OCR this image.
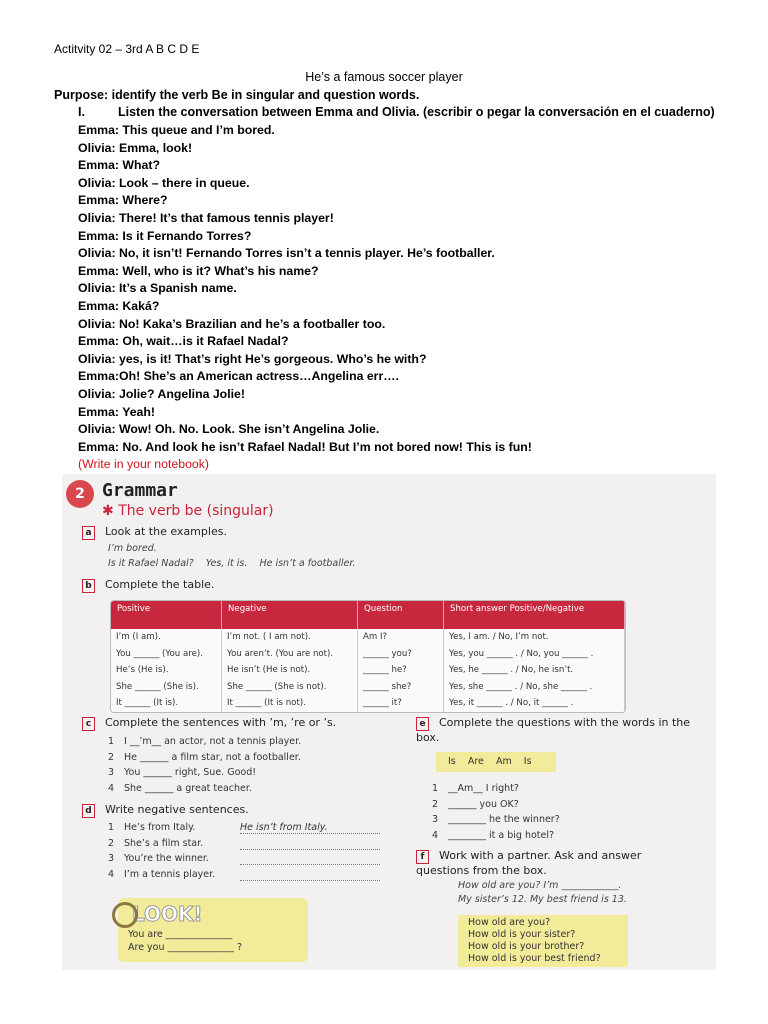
Actitvity 02 – 3rd A B C D E
He’s a famous soccer player
Purpose: identify the verb Be in singular and question words.
I.	Listen the conversation between Emma and Olivia. (escribir o pegar la conversación en el cuaderno)
Emma: This queue and I’m bored.
Olivia: Emma, look!
Emma: What?
Olivia: Look – there in queue.
Emma: Where?
Olivia: There! It’s that famous tennis player!
Emma: Is it Fernando Torres?
Olivia: No, it isn’t! Fernando Torres isn’t a tennis player. He’s footballer.
Emma: Well, who is it? What’s his name?
Olivia: It’s a Spanish name.
Emma: Kaká?
Olivia: No! Kaka’s Brazilian and he’s a footballer too.
Emma: Oh, wait…is it Rafael Nadal?
Olivia: yes, is it! That’s right He’s gorgeous. Who’s he with?
Emma:Oh! She’s an American actress…Angelina err….
Olivia: Jolie? Angelina Jolie!
Emma: Yeah!
Olivia: Wow! Oh. No. Look. She isn’t Angelina Jolie.
Emma: No. And look he isn’t Rafael Nadal! But I’m not bored now! This is fun!
(Write in your notebook)
2 Grammar
✱ The verb be (singular)
a Look at the examples.
I’m bored.
Is it Rafael Nadal?    Yes, it is.    He isn’t a footballer.
b Complete the table.
Positive	Negative	Question	Short answer Positive/Negative
I’m (I am).	I’m not. ( I am not).	Am I?	Yes, I am. / No, I’m not.
You ______ (You are).	You aren’t. (You are not).	______ you?	Yes, you ______ . / No, you ______ .
He’s (He is).	He isn’t (He is not).	______ he?	Yes, he ______ . / No, he isn’t.
She ______ (She is).	She ______ (She is not).	______ she?	Yes, she ______ . / No, she ______ .
It ______ (It is).	It ______ (It is not).	______ it?	Yes, it ______ . / No, it ______ .
c Complete the sentences with ’m, ’re or ’s.
1 I __’m__ an actor, not a tennis player.
2 He ______ a film star, not a footballer.
3 You ______ right, Sue. Good!
4 She ______ a great teacher.
d Write negative sentences.
1 He’s from Italy.	He isn’t from Italy.
2 She’s a film star.
3 You’re the winner.
4 I’m a tennis player.
LOOK!
You are ______________
Are you ______________ ?
e Complete the questions with the words in the box.
Is    Are    Am    Is
1 __Am__ I right?
2 ______ you OK?
3 ________ he the winner?
4 ________ it a big hotel?
f Work with a partner. Ask and answer questions from the box.
How old are you? I’m ____________.
My sister’s 12. My best friend is 13.
How old are you?
How old is your sister?
How old is your brother?
How old is your best friend?
